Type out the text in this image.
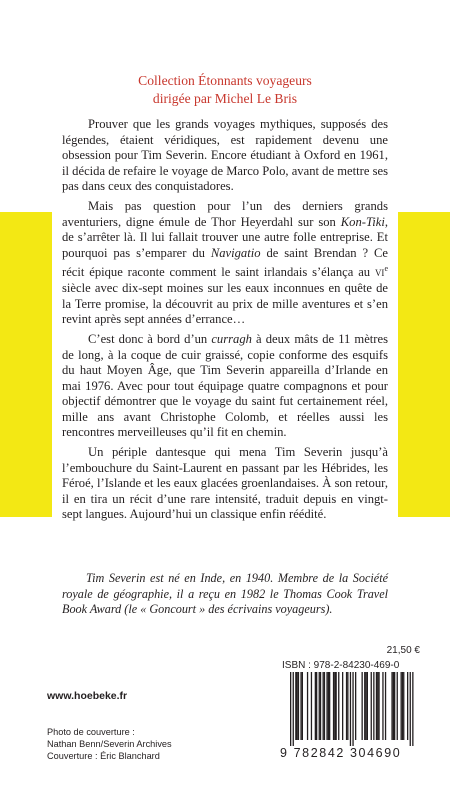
Collection Étonnants voyageurs
dirigée par Michel Le Bris

Prouver que les grands voyages mythiques, supposés des légendes, étaient véridiques, est rapidement devenu une obsession pour Tim Severin. Encore étudiant à Oxford en 1961, il décida de refaire le voyage de Marco Polo, avant de mettre ses pas dans ceux des conquistadores.

Mais pas question pour l’un des derniers grands aventuriers, digne émule de Thor Heyerdahl sur son Kon-Tiki, de s’arrêter là. Il lui fallait trouver une autre folle entreprise. Et pourquoi pas s’emparer du Navigatio de saint Brendan ? Ce récit épique raconte comment le saint irlandais s’élança au $vi^e$ siècle avec dix-sept moines sur les eaux inconnues en quête de la Terre promise, la découvrit au prix de mille aventures et s’en revint après sept années d’errance…

C’est donc à bord d’un curragh à deux mâts de 11 mètres de long, à la coque de cuir graissé, copie conforme des esquifs du haut Moyen Âge, que Tim Severin appareilla d’Irlande en mai 1976. Avec pour tout équipage quatre compagnons et pour objectif démontrer que le voyage du saint fut certainement réel, mille ans avant Christophe Colomb, et réelles aussi les rencontres merveilleuses qu’il fit en chemin.

Un périple dantesque qui mena Tim Severin jusqu’à l’embouchure du Saint-Laurent en passant par les Hébrides, les Féroé, l’Islande et les eaux glacées groenlandaises. À son retour, il en tira un récit d’une rare intensité, traduit depuis en vingt-sept langues. Aujourd’hui un classique enfin réédité.

Tim Severin est né en Inde, en 1940. Membre de la Société royale de géographie, il a reçu en 1982 le Thomas Cook Travel Book Award (le « Goncourt » des écrivains voyageurs).

www.hoebeke.fr
Photo de couverture :
Nathan Benn/Severin Archives
Couverture : Éric Blanchard
21,50 €
ISBN : 978-2-84230-469-0
9 782842 304690
